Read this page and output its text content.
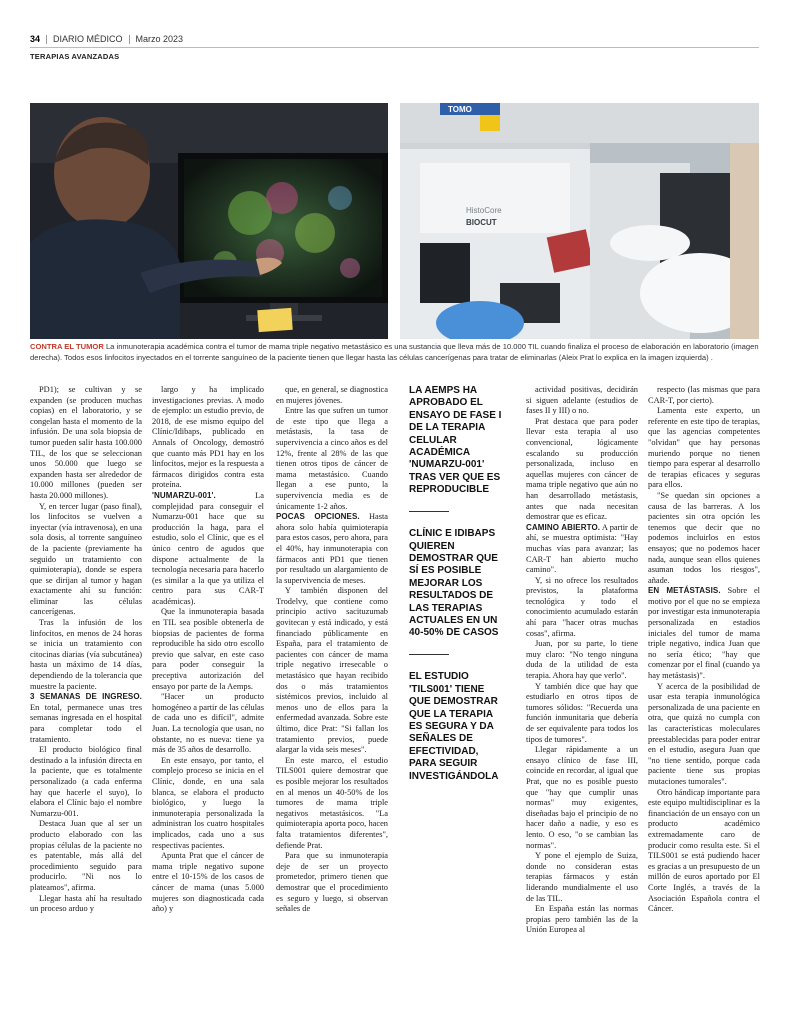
34 DIARIO MÉDICO Marzo 2023
TERAPIAS AVANZADAS
TOMO
HistoCore
BIOCUT
CONTRA EL TUMOR La inmunoterapia académica contra el tumor de mama triple negativo metastásico es una sustancia que lleva más de 10.000 TIL cuando finaliza el proceso de elaboración en laboratorio (imagen derecha). Todos esos linfocitos inyectados en el torrente sanguíneo de la paciente tienen que llegar hasta las células cancerígenas para tratar de eliminarlas (Aleix Prat lo explica en la imagen izquierda) .

PD1); se cultivan y se expanden (se producen muchas copias) en el laboratorio, y se congelan hasta el momento de la infusión. De una sola biopsia de tumor pueden salir hasta 100.000 TIL, de los que se seleccionan unos 50.000 que luego se expanden hasta ser alrededor de 10.000 millones (pueden ser hasta 20.000 millones).

Y, en tercer lugar (paso final), los linfocitos se vuelven a inyectar (vía intravenosa), en una sola dosis, al torrente sanguíneo de la paciente (previamente ha seguido un tratamiento con quimioterapia), donde se espera que se dirijan al tumor y hagan exactamente ahí su función: eliminar las células cancerígenas.

Tras la infusión de los linfocitos, en menos de 24 horas se inicia un tratamiento con citocinas diarias (vía subcutánea) hasta un máximo de 14 días, dependiendo de la tolerancia que muestre la paciente.

3 SEMANAS DE INGRESO. En total, permanece unas tres semanas ingresada en el hospital para completar todo el tratamiento.

El producto biológico final destinado a la infusión directa en la paciente, que es totalmente personalizado (a cada enferma hay que hacerle el suyo), lo elabora el Clínic bajo el nombre Numarzu-001.

Destaca Juan que al ser un producto elaborado con las propias células de la paciente no es patentable, más allá del procedimiento seguido para producirlo. "Ni nos lo plateamos", afirma.

Llegar hasta ahí ha resultado un proceso arduo y

largo y ha implicado investigaciones previas. A modo de ejemplo: un estudio previo, de 2018, de ese mismo equipo del Clínic/Idibaps, publicado en Annals of Oncology, demostró que cuanto más PD1 hay en los linfocitos, mejor es la respuesta a fármacos dirigidos contra esta proteína.

'NUMARZU-001'.	La complejidad para conseguir el Numarzu-001 hace que su producción la haga, para el estudio, solo el Clínic, que es el único centro de agudos que dispone actualmente de la tecnología necesaria para hacerlo (es similar a la que ya utiliza el centro para sus CAR-T académicas).

Que la inmunoterapia basada en TIL sea posible obtenerla de biopsias de pacientes de forma reproducible ha sido otro escollo previo que salvar, en este caso para poder conseguir la preceptiva autorización del ensayo por parte de la Aemps.

"Hacer un producto homogéneo a partir de las células de cada uno es difícil", admite Juan. La tecnología que usan, no obstante, no es nueva: tiene ya más de 35 años de desarrollo.

En este ensayo, por tanto, el complejo proceso se inicia en el Clínic, donde, en una sala blanca, se elabora el producto biológico, y luego la inmunoterapia personalizada la administran los cuatro hospitales implicados, cada uno a sus respectivas pacientes.

Apunta Prat que el cáncer de mama triple negativo supone entre el 10-15% de los casos de cáncer de mama (unas 5.000 mujeres son diagnosticada cada año) y

que, en general, se diagnostica en mujeres jóvenes.

Entre las que sufren un tumor de este tipo que llega a metástasis, la tasa de supervivencia a cinco años es del 12%, frente al 28% de las que tienen otros tipos de cáncer de mama metastásico. Cuando llegan a ese punto, la supervivencia media es de únicamente 1-2 años.

POCAS OPCIONES. Hasta ahora solo había quimioterapia para estos casos, pero ahora, para el 40%, hay inmunoterapia con fármacos anti PD1 que tienen por resultado un alargamiento de la supervivencia de meses.

Y también disponen del Trodelvy, que contiene como principio activo sacituzumab govitecan y está indicado, y está financiado públicamente en España, para el tratamiento de pacientes con cáncer de mama triple negativo irresecable o metastásico que hayan recibido dos o más tratamientos sistémicos previos, incluido al menos uno de ellos para la enfermedad avanzada. Sobre este último, dice Prat: "Si fallan los tratamiento previos, puede alargar la vida seis meses".

En este marco, el estudio TILS001 quiere demostrar que es posible mejorar los resultados en al menos un 40-50% de los tumores de mama triple negativos metastásicos. "La quimioterapia aporta poco, hacen falta tratamientos diferentes", defiende Prat.

Para que su inmunoterapia deje de ser un proyecto prometedor, primero tienen que demostrar que el procedimiento es seguro y luego, si observan señales de

LA AEMPS HA APROBADO EL ENSAYO DE FASE I DE LA TERAPIA CELULAR ACADÉMICA 'NUMARZU-001' TRAS VER QUE ES REPRODUCIBLE
CLÍNIC E IDIBAPS QUIEREN DEMOSTRAR QUE SÍ ES POSIBLE MEJORAR LOS RESULTADOS DE LAS TERAPIAS ACTUALES EN UN 40-50% DE CASOS
EL ESTUDIO 'TILS001' TIENE QUE DEMOSTRAR QUE LA TERAPIA ES SEGURA Y DA SEÑALES DE EFECTIVIDAD, PARA SEGUIR INVESTIGÁNDOLA

actividad positivas, decidirán si siguen adelante (estudios de fases II y III) o no.

Prat destaca que para poder llevar esta terapia al uso convencional, lógicamente escalando su producción personalizada, incluso en aquellas mujeres con cáncer de mama triple negativo que aún no han desarrollado metástasis, antes que nada necesitan demostrar que es eficaz.

CAMINO ABIERTO. A partir de ahí, se muestra optimista: "Hay muchas vías para avanzar; las CAR-T han abierto mucho camino".

Y, si no ofrece los resultados previstos, la plataforma tecnológica y todo el conocimiento acumulado estarán ahí para "hacer otras muchas cosas", afirma.

Juan, por su parte, lo tiene muy claro: "No tengo ninguna duda de la utilidad de esta terapia. Ahora hay que verlo".

Y también dice que hay que estudiarlo en otros tipos de tumores sólidos: "Recuerda una función inmunitaria que debería de ser equivalente para todos los tipos de tumores".

Llegar rápidamente a un ensayo clínico de fase III, coincide en recordar, al igual que Prat, que no es posible puesto que "hay que cumplir unas normas" muy exigentes, diseñadas bajo el principio de no hacer daño a nadie, y eso es lento. O eso, "o se cambian las normas".

Y pone el ejemplo de Suiza, donde no consideran estas terapias fármacos y están liderando mundialmente el uso de las TIL.

En España están las normas propias pero también las de la Unión Europea al

respecto (las mismas que para CAR-T, por cierto).

Lamenta este experto, un referente en este tipo de terapias, que las agencias competentes "olvidan" que hay personas muriendo porque no tienen tiempo para esperar al desarrollo de terapias eficaces y seguras para ellos.

"Se quedan sin opciones a causa de las barreras. A los pacientes sin otra opción les tenemos que decir que no podemos incluirlos en estos ensayos; que no podemos hacer nada, aunque sean ellos quienes asuman todos los riesgos", añade.

EN METÁSTASIS. Sobre el motivo por el que no se empieza por investigar esta inmunoterapia personalizada en estadios iniciales del tumor de mama triple negativo, indica Juan que no sería ético; "hay que comenzar por el final (cuando ya hay metástasis)".

Y acerca de la posibilidad de usar esta terapia inmunológica personalizada de una paciente en otra, que quizá no cumpla con las características moleculares preestablecidas para poder entrar en el estudio, asegura Juan que "no tiene sentido, porque cada paciente tiene sus propias mutaciones tumorales".

Otro hándicap importante para este equipo multidisciplinar es la financiación de un ensayo con un producto académico extremadamente caro de producir como resulta este. Si el TILS001 se está pudiendo hacer es gracias a un presupuesto de un millón de euros aportado por El Corte Inglés, a través de la Asociación Española contra el Cáncer.
